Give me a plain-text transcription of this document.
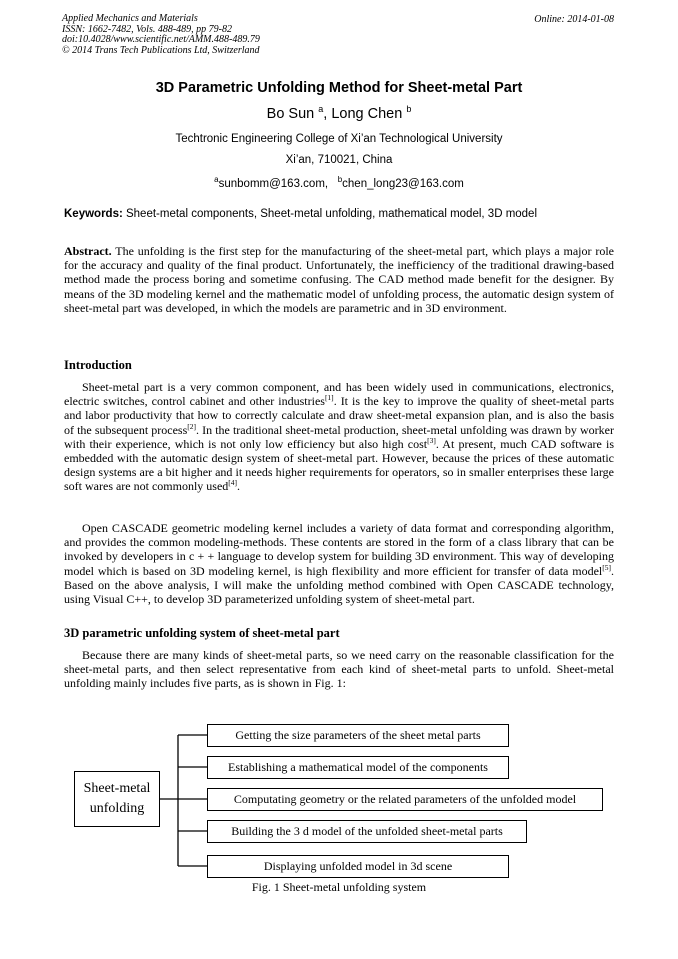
Applied Mechanics and Materials
ISSN: 1662-7482, Vols. 488-489, pp 79-82
doi:10.4028/www.scientific.net/AMM.488-489.79
© 2014 Trans Tech Publications Ltd, Switzerland
Online: 2014-01-08
3D Parametric Unfolding Method for Sheet-metal Part
Bo Sun $^a$, Long Chen $^b$
Techtronic Engineering College of Xi’an Technological University
Xi’an, 710021, China
$^a$sunbomm@163.com, $^b$chen_long23@163.com
Keywords: Sheet-metal components, Sheet-metal unfolding, mathematical model, 3D model
Abstract. The unfolding is the first step for the manufacturing of the sheet-metal part, which plays a major role for the accuracy and quality of the final product. Unfortunately, the inefficiency of the traditional drawing-based method made the process boring and sometime confusing. The CAD method made benefit for the designer. By means of the 3D modeling kernel and the mathematic model of unfolding process, the automatic design system of sheet-metal part was developed, in which the models are parametric and in 3D environment.
Introduction
Sheet-metal part is a very common component, and has been widely used in communications, electronics, electric switches, control cabinet and other industries[1]. It is the key to improve the quality of sheet-metal parts and labor productivity that how to correctly calculate and draw sheet-metal expansion plan, and is also the basis of the subsequent process[2]. In the traditional sheet-metal production, sheet-metal unfolding was drawn by worker with their experience, which is not only low efficiency but also high cost[3]. At present, much CAD software is embedded with the automatic design system of sheet-metal part. However, because the prices of these automatic design systems are a bit higher and it needs higher requirements for operators, so in smaller enterprises these large soft wares are not commonly used[4].
Open CASCADE geometric modeling kernel includes a variety of data format and corresponding algorithm, and provides the common modeling-methods. These contents are stored in the form of a class library that can be invoked by developers in c + + language to develop system for building 3D environment. This way of developing model which is based on 3D modeling kernel, is high flexibility and more efficient for transfer of data model[5]. Based on the above analysis, I will make the unfolding method combined with Open CASCADE technology, using Visual C++, to develop 3D parameterized unfolding system of sheet-metal part.
3D parametric unfolding system of sheet-metal part
Because there are many kinds of sheet-metal parts, so we need carry on the reasonable classification for the sheet-metal parts, and then select representative from each kind of sheet-metal parts to unfold. Sheet-metal unfolding mainly includes five parts, as is shown in Fig. 1:
Sheet-metal
unfolding
Getting the size parameters of the sheet metal parts
Establishing a mathematical model of the components
Computating geometry or the related parameters of the unfolded model
Building the 3 d model of the unfolded sheet-metal parts
Displaying unfolded model in 3d scene
Fig. 1 Sheet-metal unfolding system
